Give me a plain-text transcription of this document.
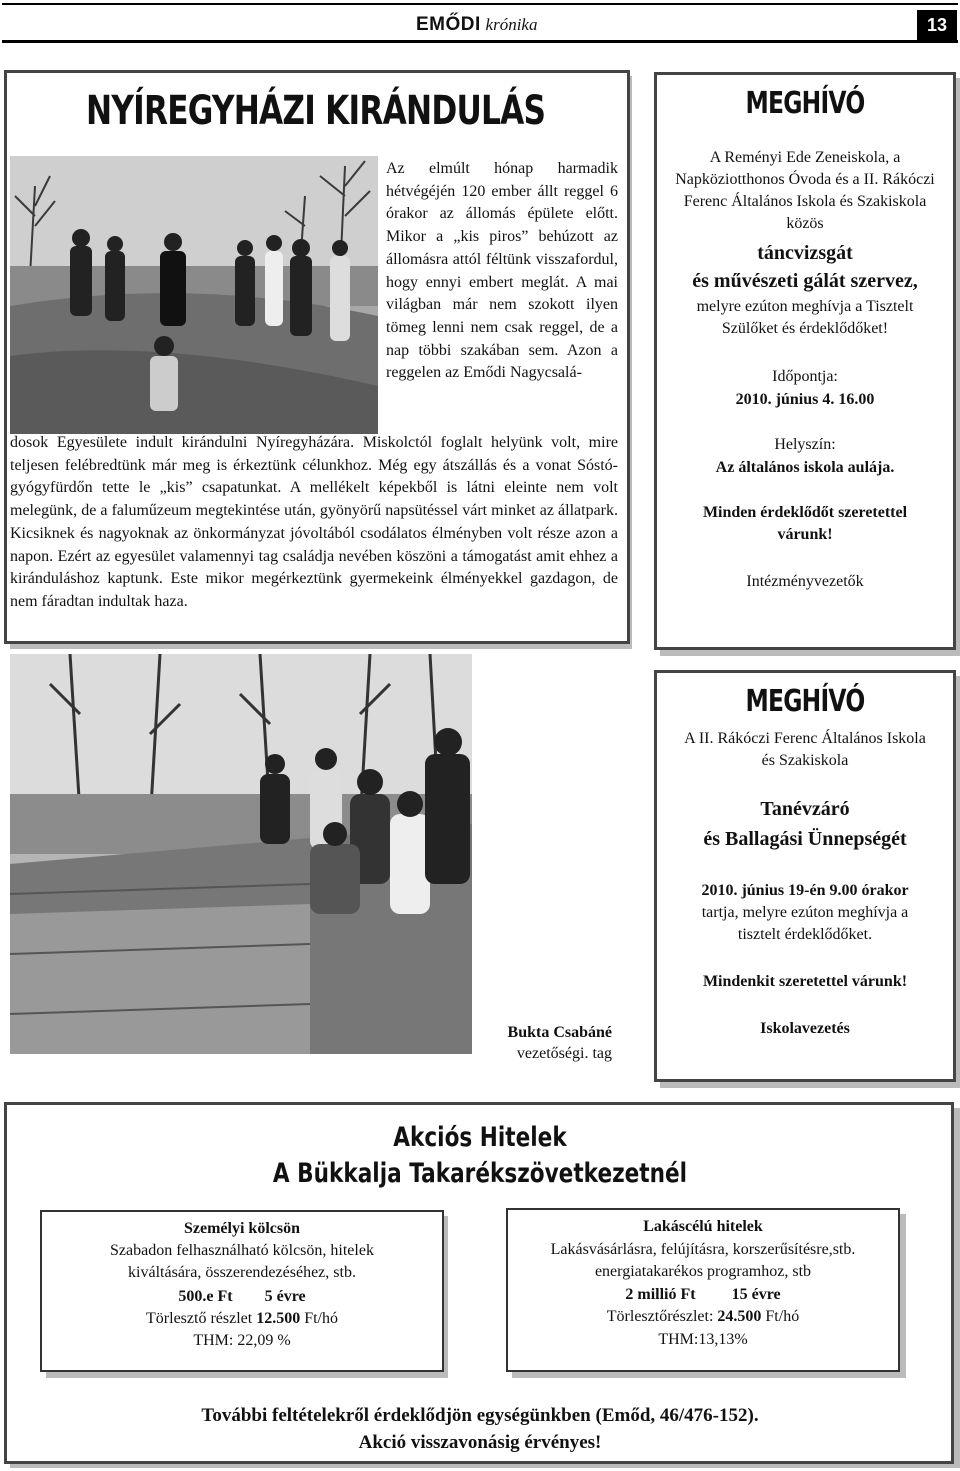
EMŐDI krónika	13
NYÍREGYHÁZI KIRÁNDULÁS
Az elmúlt hónap harmadik hétvégéjén 120 ember állt reggel 6 órakor az állomás épülete előtt. Mikor a „kis piros” behúzott az állomásra attól féltünk visszafordul, hogy ennyi embert meglát. A mai világban már nem szokott ilyen tömeg lenni nem csak reggel, de a nap többi szakában sem. Azon a reggelen az Emődi Nagycsalá-
dosok Egyesülete indult kirándulni Nyíregyházára. Miskolctól foglalt helyünk volt, mire teljesen felébredtünk már meg is érkeztünk célunkhoz. Még egy átszállás és a vonat Sóstó-gyógyfürdőn tette le „kis” csapatunkat. A mellékelt képekből is látni eleinte nem volt melegünk, de a faluműzeum megtekintése után, gyönyörű napsütéssel várt minket az állatpark. Kicsiknek és nagyoknak az önkormányzat jóvoltából csodálatos élményben volt része azon a napon. Ezért az egyesület valamennyi tag családja nevében köszöni a támogatást amit ehhez a kiránduláshoz kaptunk. Este mikor megérkeztünk gyermekeink élményekkel gazdagon, de nem fáradtan indultak haza.
Bukta Csabáné
vezetőségi. tag
MEGHÍVÓ
A Reményi Ede Zeneiskola, a Napköziotthonos Óvoda és a II. Rákóczi Ferenc Általános Iskola és Szakiskola közös
táncvizsgát
és művészeti gálát szervez,
melyre ezúton meghívja a Tisztelt Szülőket és érdeklődőket!
Időpontja:
2010. június 4. 16.00
Helyszín:
Az általános iskola aulája.
Minden érdeklődőt szeretettel várunk!
Intézményvezetők
MEGHÍVÓ
A II. Rákóczi Ferenc Általános Iskola és Szakiskola
Tanévzáró
és Ballagási Ünnepségét
2010. június 19-én 9.00 órakor
tartja, melyre ezúton meghívja a tisztelt érdeklődőket.
Mindenkit szeretettel várunk!
Iskolavezetés
Akciós Hitelek
A Bükkalja Takarékszövetkezetnél
Személyi kölcsön
Szabadon felhasználható kölcsön, hitelek kiváltására, összerendezéséhez, stb.
500.e Ft 5 évre
Törlesztő részlet 12.500 Ft/hó
THM: 22,09 %
Lakáscélú hitelek
Lakásvásárlásra, felújításra, korszerűsítésre,stb. energiatakarékos programhoz, stb
2 millió Ft 15 évre
Törlesztőrészlet: 24.500 Ft/hó
THM:13,13%
További feltételekről érdeklődjön egységünkben (Emőd, 46/476-152).
Akció visszavonásig érvényes!
